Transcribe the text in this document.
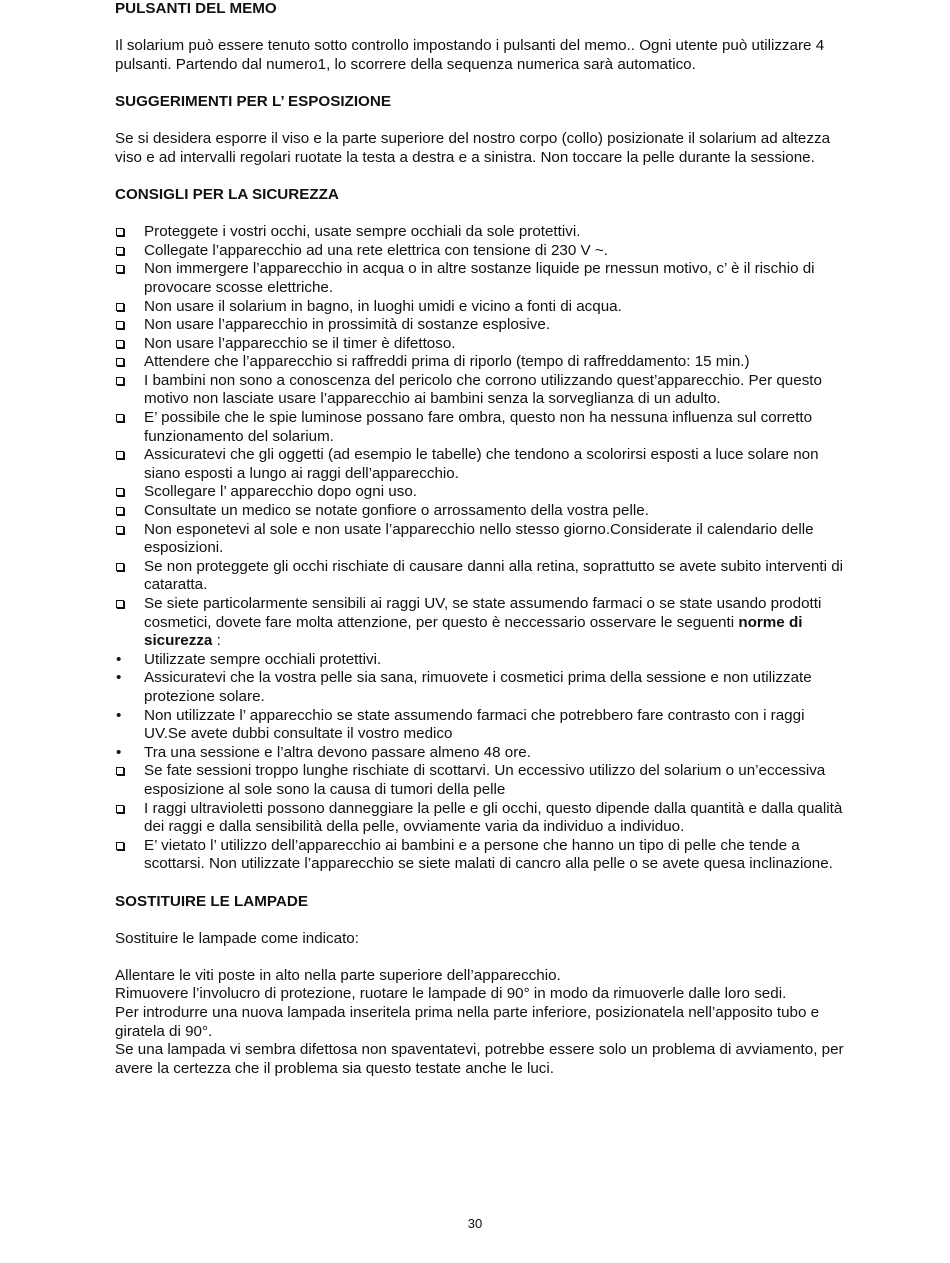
PULSANTI DEL MEMO

Il solarium può essere tenuto sotto controllo impostando i pulsanti del memo.. Ogni utente può utilizzare 4 pulsanti. Partendo dal numero1, lo scorrere della sequenza numerica sarà automatico.

SUGGERIMENTI PER L’ ESPOSIZIONE

Se si desidera esporre il viso e la parte superiore del nostro corpo (collo) posizionate il solarium ad altezza viso e ad intervalli regolari ruotate la testa a destra e a sinistra. Non toccare la pelle durante la sessione.

CONSIGLI PER LA SICUREZZA
Proteggete i vostri occhi, usate sempre occhiali da sole protettivi.
Collegate l’apparecchio ad una rete elettrica con tensione di 230 V ~.
Non immergere l’apparecchio in acqua o in altre sostanze liquide pe rnessun motivo, c’ è il rischio di provocare scosse elettriche.
Non usare il solarium in bagno, in luoghi umidi e vicino a fonti di acqua.
Non usare l’apparecchio in prossimità di sostanze esplosive.
Non usare l’apparecchio se il timer è difettoso.
Attendere che l’apparecchio si raffreddi prima di riporlo (tempo di raffreddamento: 15 min.)
I bambini non sono a conoscenza del pericolo che corrono utilizzando quest’apparecchio. Per questo motivo non lasciate usare l’apparecchio ai bambini senza la sorveglianza di un adulto.
E’ possibile che le spie luminose possano fare ombra, questo non ha nessuna influenza sul corretto funzionamento del solarium.
Assicuratevi che gli oggetti (ad esempio le tabelle) che tendono a scolorirsi esposti a luce solare non siano esposti a lungo ai raggi dell’apparecchio.
Scollegare l’ apparecchio dopo ogni uso.
Consultate un medico se notate gonfiore o arrossamento della vostra pelle.
Non esponetevi al sole e non usate l’apparecchio nello stesso giorno.Considerate il calendario delle esposizioni.
Se non proteggete gli occhi rischiate di causare danni alla retina, soprattutto se avete subito interventi di cataratta.
Se siete particolarmente sensibili ai raggi UV, se state assumendo farmaci o se state usando prodotti cosmetici, dovete fare molta attenzione, per questo è neccessario osservare le seguenti norme di sicurezza :
• Utilizzate sempre occhiali protettivi.
• Assicuratevi che la vostra pelle sia sana, rimuovete i cosmetici prima della sessione e non utilizzate protezione solare.
• Non utilizzate l’ apparecchio se state assumendo farmaci che potrebbero fare contrasto con i raggi UV.Se avete dubbi consultate il vostro medico
• Tra una sessione e l’altra devono passare almeno 48 ore.
Se fate sessioni troppo lunghe rischiate di scottarvi. Un eccessivo utilizzo del solarium o un’eccessiva esposizione al sole sono la causa di tumori della pelle
I raggi ultravioletti possono danneggiare la pelle e gli occhi, questo dipende dalla quantità e dalla qualità dei raggi e dalla sensibilità della pelle, ovviamente varia da individuo a individuo.
E’ vietato l’ utilizzo dell’apparecchio ai bambini e a persone che hanno un tipo di pelle che tende a scottarsi. Non utilizzate l’apparecchio se siete malati di cancro alla pelle o se avete quesa inclinazione.
SOSTITUIRE LE LAMPADE

Sostituire le lampade come indicato:

Allentare le viti poste in alto nella parte superiore dell’apparecchio.

Rimuovere l’involucro di protezione, ruotare le lampade di 90° in modo da rimuoverle dalle loro sedi.

Per introdurre una nuova lampada inseritela prima nella parte inferiore, posizionatela nell’apposito tubo e giratela di 90°.

Se una lampada vi sembra difettosa non spaventatevi, potrebbe essere solo un problema di avviamento, per avere la certezza che il problema sia questo testate anche le luci.

30
